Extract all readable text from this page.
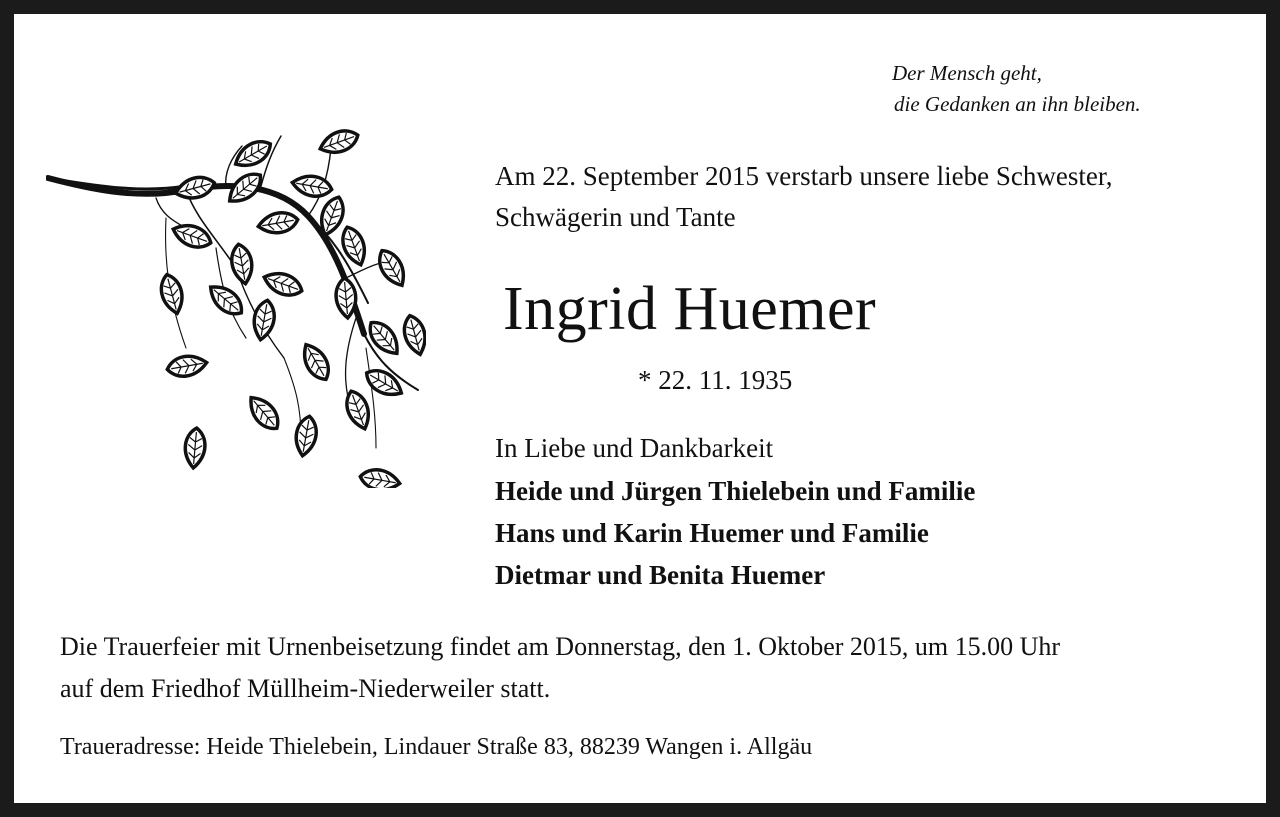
Der Mensch geht,
die Gedanken an ihn bleiben.
Am 22. September 2015 verstarb unsere liebe Schwester,
Schwägerin und Tante
Ingrid Huemer
* 22. 11. 1935
In Liebe und Dankbarkeit
Heide und Jürgen Thielebein und Familie
Hans und Karin Huemer und Familie
Dietmar und Benita Huemer
Die Trauerfeier mit Urnenbeisetzung findet am Donnerstag, den 1. Oktober 2015, um 15.00 Uhr
auf dem Friedhof Müllheim-Niederweiler statt.
Traueradresse: Heide Thielebein, Lindauer Straße 83, 88239 Wangen i. Allgäu
